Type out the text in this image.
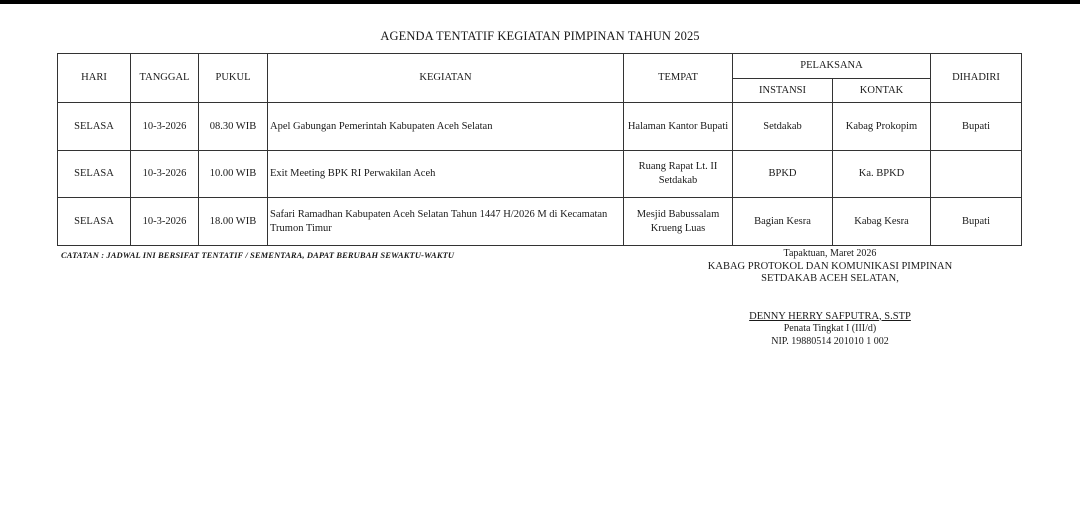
AGENDA TENTATIF KEGIATAN PIMPINAN TAHUN 2025
HARI	TANGGAL	PUKUL	KEGIATAN	TEMPAT	PELAKSANA		DIHADIRI
					INSTANSI	KONTAK	
SELASA	10-3-2026	08.30 WIB	Apel Gabungan Pemerintah Kabupaten Aceh Selatan	Halaman Kantor Bupati	Setdakab	Kabag Prokopim	Bupati
SELASA	10-3-2026	10.00 WIB	Exit Meeting BPK RI Perwakilan Aceh	Ruang Rapat Lt. II Setdakab	BPKD	Ka. BPKD	
SELASA	10-3-2026	18.00 WIB	Safari Ramadhan Kabupaten Aceh Selatan Tahun 1447 H/2026 M di Kecamatan Trumon Timur	Mesjid Babussalam Krueng Luas	Bagian Kesra	Kabag Kesra	Bupati
CATATAN : JADWAL INI BERSIFAT TENTATIF / SEMENTARA, DAPAT BERUBAH SEWAKTU-WAKTU	Tapaktuan, Maret 2026
KABAG PROTOKOL DAN KOMUNIKASI PIMPINAN
SETDAKAB ACEH SELATAN,
DENNY HERRY SAFPUTRA, S.STP
Penata Tingkat I (III/d)
NIP. 19880514 201010 1 002
